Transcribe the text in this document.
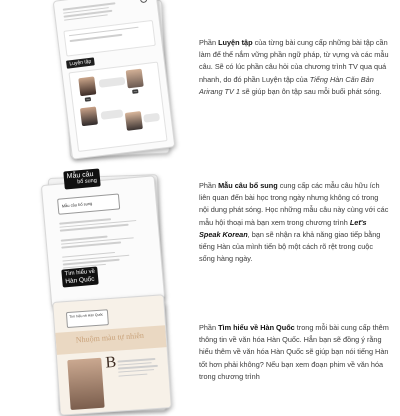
Luyện tập
—
—
Mẫu câu bổ sung
Mẫu câu
bổ sung
Tìm hiểu về Hàn Quốc
Nhuộm màu tự nhiên
B
Tìm hiểu về
Hàn Quốc
Phần Luyện tập của từng bài cung cấp những bài tập cần làm để thể nắm vững phần ngữ pháp, từ vựng và các mẫu câu. Sẽ có lúc phần câu hỏi của chương trình TV qua quá nhanh, do đó phần Luyện tập của Tiếng Hàn Căn Bản Arirang TV 1 sẽ giúp bạn ôn tập sau mỗi buổi phát sóng.
Phần Mẫu câu bổ sung cung cấp các mẫu câu hữu ích liên quan đến bài học trong ngày nhưng không có trong nội dung phát sóng. Học những mẫu câu này cùng với các mẫu hội thoại mà bạn xem trong chương trình Let's Speak Korean, bạn sẽ nhận ra khả năng giao tiếp bằng tiếng Hàn của mình tiến bộ một cách rõ rệt trong cuộc sống hàng ngày.
Phần Tìm hiểu về Hàn Quốc trong mỗi bài cung cấp thêm thông tin về văn hóa Hàn Quốc. Hẳn bạn sẽ đồng ý rằng hiểu thêm về văn hóa Hàn Quốc sẽ giúp bạn nói tiếng Hàn tốt hơn phải không? Nếu bạn xem đoạn phim về văn hóa trong chương trình
